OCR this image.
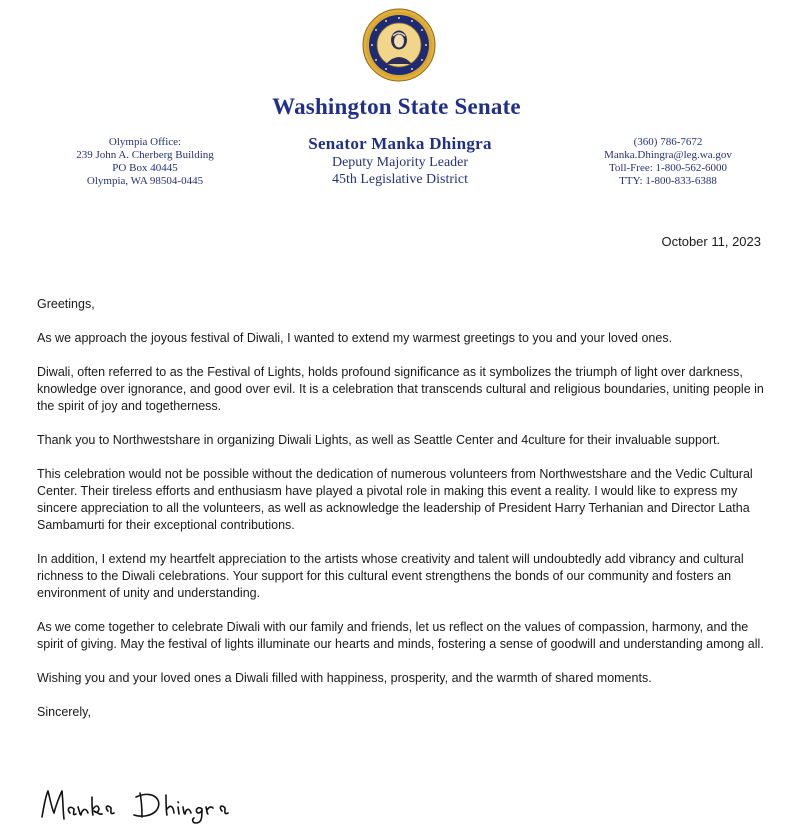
Washington State Senate
Olympia Office:
239 John A. Cherberg Building
PO Box 40445
Olympia, WA 98504-0445
Senator Manka Dhingra
Deputy Majority Leader
45th Legislative District
(360) 786-7672
Manka.Dhingra@leg.wa.gov
Toll-Free: 1-800-562-6000
TTY: 1-800-833-6388
October 11, 2023

Greetings,

As we approach the joyous festival of Diwali, I wanted to extend my warmest greetings to you and your loved ones.

Diwali, often referred to as the Festival of Lights, holds profound significance as it symbolizes the triumph of light over darkness, knowledge over ignorance, and good over evil. It is a celebration that transcends cultural and religious boundaries, uniting people in the spirit of joy and togetherness.

Thank you to Northwestshare in organizing Diwali Lights, as well as Seattle Center and 4culture for their invaluable support.

This celebration would not be possible without the dedication of numerous volunteers from Northwestshare and the Vedic Cultural Center. Their tireless efforts and enthusiasm have played a pivotal role in making this event a reality. I would like to express my sincere appreciation to all the volunteers, as well as acknowledge the leadership of President Harry Terhanian and Director Latha Sambamurti for their exceptional contributions.

In addition, I extend my heartfelt appreciation to the artists whose creativity and talent will undoubtedly add vibrancy and cultural richness to the Diwali celebrations. Your support for this cultural event strengthens the bonds of our community and fosters an environment of unity and understanding.

As we come together to celebrate Diwali with our family and friends, let us reflect on the values of compassion, harmony, and the spirit of giving. May the festival of lights illuminate our hearts and minds, fostering a sense of goodwill and understanding among all.

Wishing you and your loved ones a Diwali filled with happiness, prosperity, and the warmth of shared moments.

Sincerely,
